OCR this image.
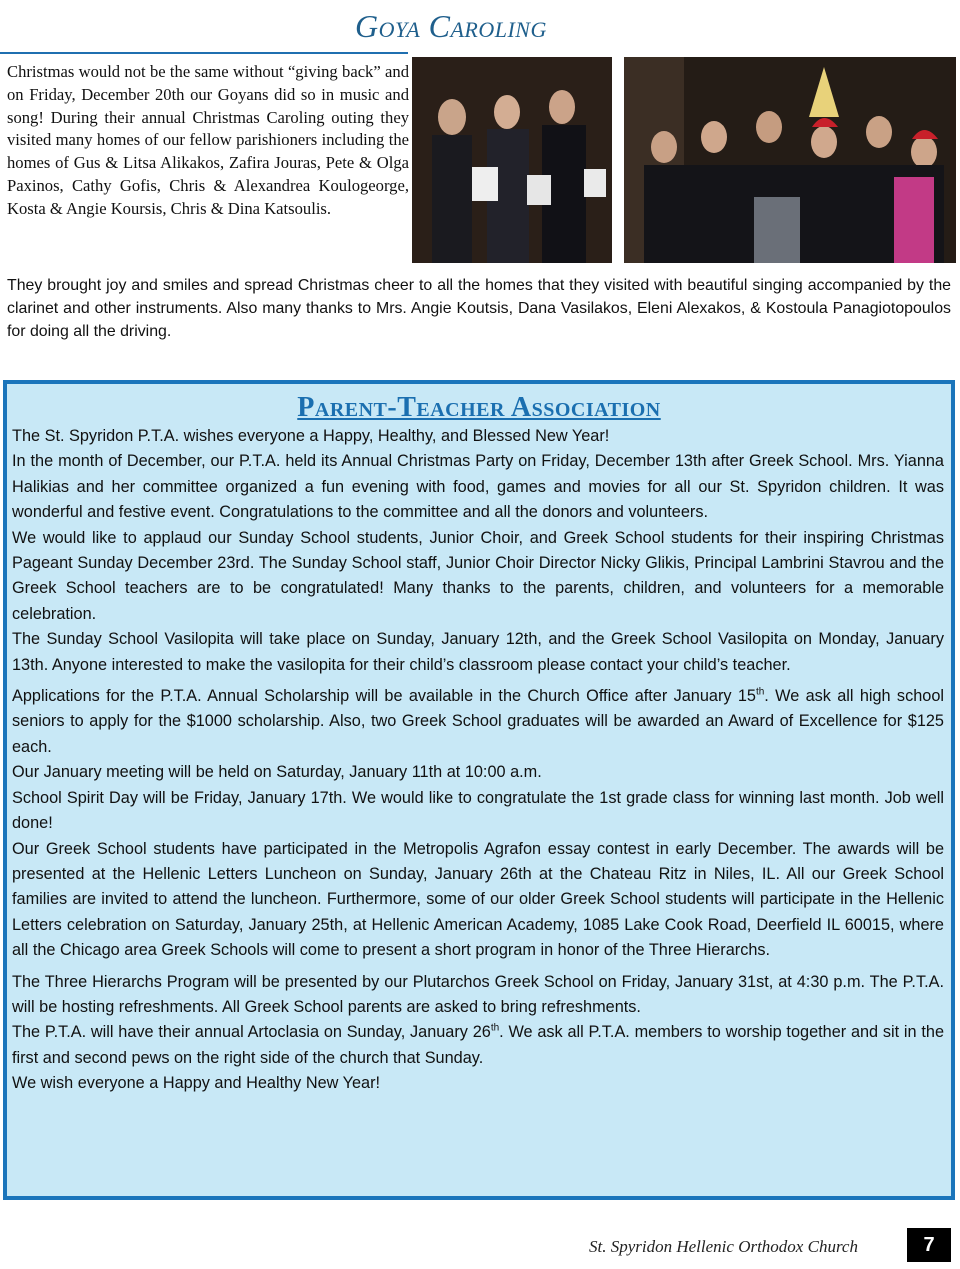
Goya Caroling
Christmas would not be the same without “giving back” and on Friday, December 20th our Goyans did so in music and song! During their annual Christmas Caroling outing they visited many homes of our fellow parishioners including the homes of Gus & Litsa Alikakos, Zafira Jouras, Pete & Olga Paxinos, Cathy Gofis, Chris & Alexandrea Koulogeorge, Kosta & Angie Koursis, Chris & Dina Katsoulis.
They brought joy and smiles and spread Christmas cheer to all the homes that they visited with beautiful singing accompanied by the clarinet and other instruments. Also many thanks to Mrs. Angie Koutsis, Dana Vasilakos, Eleni Alexakos, & Kostoula Panagiotopoulos for doing all the driving.
Parent-Teacher Association

The St. Spyridon P.T.A. wishes everyone a Happy, Healthy, and Blessed New Year!

In the month of December, our P.T.A. held its Annual Christmas Party on Friday, December 13th after Greek School. Mrs. Yianna Halikias and her committee organized a fun evening with food, games and movies for all our St. Spyridon children. It was wonderful and festive event. Congratulations to the committee and all the donors and volunteers.

We would like to applaud our Sunday School students, Junior Choir, and Greek School students for their inspiring Christmas Pageant Sunday December 23rd. The Sunday School staff, Junior Choir Director Nicky Glikis, Principal Lambrini Stavrou and the Greek School teachers are to be congratulated! Many thanks to the parents, children, and volunteers for a memorable celebration.

The Sunday School Vasilopita will take place on Sunday, January 12th, and the Greek School Vasilopita on Monday, January 13th. Anyone interested to make the vasilopita for their child’s classroom please contact your child’s teacher.

Applications for the P.T.A. Annual Scholarship will be available in the Church Office after January 15th. We ask all high school seniors to apply for the $1000 scholarship. Also, two Greek School graduates will be awarded an Award of Excellence for $125 each.

Our January meeting will be held on Saturday, January 11th at 10:00 a.m.

School Spirit Day will be Friday, January 17th. We would like to congratulate the 1st grade class for winning last month. Job well done!

Our Greek School students have participated in the Metropolis Agrafon essay contest in early December. The awards will be presented at the Hellenic Letters Luncheon on Sunday, January 26th at the Chateau Ritz in Niles, IL. All our Greek School families are invited to attend the luncheon. Furthermore, some of our older Greek School students will participate in the Hellenic Letters celebration on Saturday, January 25th, at Hellenic American Academy, 1085 Lake Cook Road, Deerfield IL 60015, where all the Chicago area Greek Schools will come to present a short program in honor of the Three Hierarchs.

The Three Hierarchs Program will be presented by our Plutarchos Greek School on Friday, January 31st, at 4:30 p.m. The P.T.A. will be hosting refreshments. All Greek School parents are asked to bring refreshments.

The P.T.A. will have their annual Artoclasia on Sunday, January 26th. We ask all P.T.A. members to worship together and sit in the first and second pews on the right side of the church that Sunday.

We wish everyone a Happy and Healthy New Year!

St. Spyridon Hellenic Orthodox Church	7
